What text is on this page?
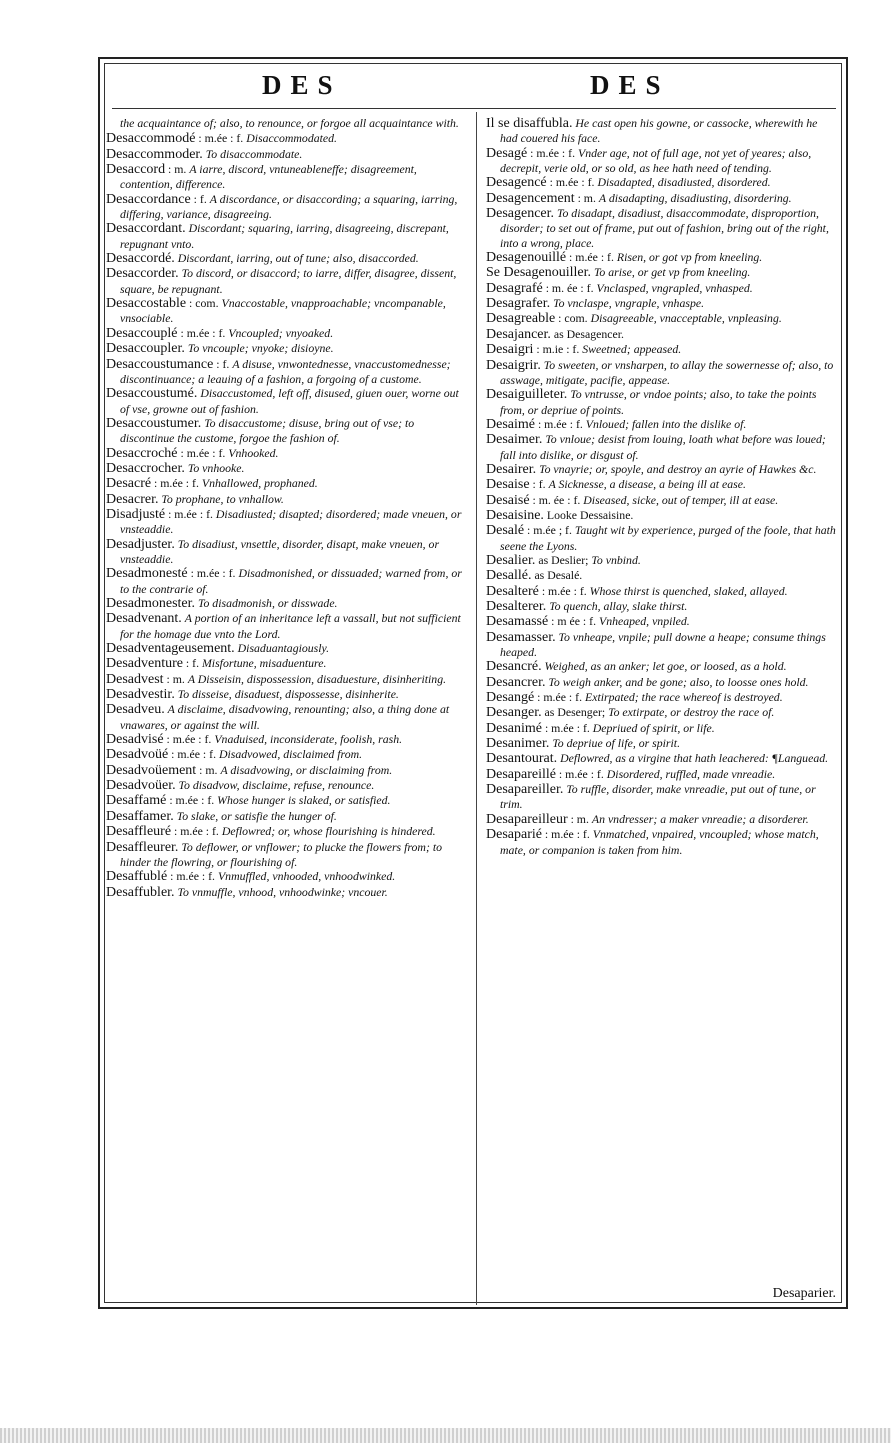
DES	DES

the acquaintance of; also, to renounce, or forgoe all acquaintance with.

Desaccommodé : m.ée : f. Disaccommodated.

Desaccommoder. To disaccommodate.

Desaccord : m. A iarre, discord, vntuneableneffe; disagreement, contention, difference.

Desaccordance : f. A discordance, or disaccording; a squaring, iarring, differing, variance, disagreeing.

Desaccordant. Discordant; squaring, iarring, disagreeing, discrepant, repugnant vnto.

Desaccordé. Discordant, iarring, out of tune; also, disaccorded.

Desaccorder. To discord, or disaccord; to iarre, differ, disagree, dissent, square, be repugnant.

Desaccostable : com. Vnaccostable, vnapproachable; vncompanable, vnsociable.

Desaccouplé : m.ée : f. Vncoupled; vnyoaked.

Desaccoupler. To vncouple; vnyoke; disioyne.

Desaccoustumance : f. A disuse, vnwontednesse, vnaccustomednesse; discontinuance; a leauing of a fashion, a forgoing of a custome.

Desaccoustumé. Disaccustomed, left off, disused, giuen ouer, worne out of vse, growne out of fashion.

Desaccoustumer. To disaccustome; disuse, bring out of vse; to discontinue the custome, forgoe the fashion of.

Desaccroché : m.ée : f. Vnhooked.

Desaccrocher. To vnhooke.

Desacré : m.ée : f. Vnhallowed, prophaned.

Desacrer. To prophane, to vnhallow.

Disadjusté : m.ée : f. Disadiusted; disapted; disordered; made vneuen, or vnsteaddie.

Desadjuster. To disadiust, vnsettle, disorder, disapt, make vneuen, or vnsteaddie.

Desadmonesté : m.ée : f. Disadmonished, or dissuaded; warned from, or to the contrarie of.

Desadmonester. To disadmonish, or disswade.

Desadvenant. A portion of an inheritance left a vassall, but not sufficient for the homage due vnto the Lord.

Desadventageusement. Disaduantagiously.

Desadventure : f. Misfortune, misaduenture.

Desadvest : m. A Disseisin, dispossession, disaduesture, disinheriting.

Desadvestir. To disseise, disaduest, dispossesse, disinherite.

Desadveu. A disclaime, disadvowing, renounting; also, a thing done at vnawares, or against the will.

Desadvisé : m.ée : f. Vnaduised, inconsiderate, foolish, rash.

Desadvoüé : m.ée : f. Disadvowed, disclaimed from.

Desadvoüement : m. A disadvowing, or disclaiming from.

Desadvoüer. To disadvow, disclaime, refuse, renounce.

Desaffamé : m.ée : f. Whose hunger is slaked, or satisfied.

Desaffamer. To slake, or satisfie the hunger of.

Desaffleuré : m.ée : f. Deflowred; or, whose flourishing is hindered.

Desaffleurer. To deflower, or vnflower; to plucke the flowers from; to hinder the flowring, or flourishing of.

Desaffublé : m.ée : f. Vnmuffled, vnhooded, vnhoodwinked.

Desaffubler. To vnmuffle, vnhood, vnhoodwinke; vncouer.

Il se disaffubla. He cast open his gowne, or cassocke, wherewith he had couered his face.

Desagé : m.ée : f. Vnder age, not of full age, not yet of yeares; also, decrepit, verie old, or so old, as hee hath need of tending.

Desagencé : m.ée : f. Disadapted, disadiusted, disordered.

Desagencement : m. A disadapting, disadiusting, disordering.

Desagencer. To disadapt, disadiust, disaccommodate, disproportion, disorder; to set out of frame, put out of fashion, bring out of the right, into a wrong, place.

Desagenouillé : m.ée : f. Risen, or got vp from kneeling.

Se Desagenouiller. To arise, or get vp from kneeling.

Desagrafé : m. ée : f. Vnclasped, vngrapled, vnhasped.

Desagrafer. To vnclaspe, vngraple, vnhaspe.

Desagreable : com. Disagreeable, vnacceptable, vnpleasing.

Desajancer. as Desagencer.

Desaigri : m.ie : f. Sweetned; appeased.

Desaigrir. To sweeten, or vnsharpen, to allay the sowernesse of; also, to asswage, mitigate, pacifie, appease.

Desaiguilleter. To vntrusse, or vndoe points; also, to take the points from, or depriue of points.

Desaimé : m.ée : f. Vnloued; fallen into the dislike of.

Desaimer. To vnloue; desist from louing, loath what before was loued; fall into dislike, or disgust of.

Desairer. To vnayrie; or, spoyle, and destroy an ayrie of Hawkes &c.

Desaise : f. A Sicknesse, a disease, a being ill at ease.

Desaisé : m. ée : f. Diseased, sicke, out of temper, ill at ease.

Desaisine. Looke Dessaisine.

Desalé : m.ée ; f. Taught wit by experience, purged of the foole, that hath seene the Lyons.

Desalier. as Deslier; To vnbind.

Desallé. as Desalé.

Desalteré : m.ée : f. Whose thirst is quenched, slaked, allayed.

Desalterer. To quench, allay, slake thirst.

Desamassé : m ée : f. Vnheaped, vnpiled.

Desamasser. To vnheape, vnpile; pull downe a heape; consume things heaped.

Desancré. Weighed, as an anker; let goe, or loosed, as a hold.

Desancrer. To weigh anker, and be gone; also, to loosse ones hold.

Desangé : m.ée : f. Extirpated; the race whereof is destroyed.

Desanger. as Desenger; To extirpate, or destroy the race of.

Desanimé : m.ée : f. Depriued of spirit, or life.

Desanimer. To depriue of life, or spirit.

Desantourat. Deflowred, as a virgine that hath leachered: ¶Languead.

Desapareillé : m.ée : f. Disordered, ruffled, made vnreadie.

Desapareiller. To ruffle, disorder, make vnreadie, put out of tune, or trim.

Desapareilleur : m. An vndresser; a maker vnreadie; a disorderer.

Desaparié : m.ée : f. Vnmatched, vnpaired, vncoupled; whose match, mate, or companion is taken from him.

Desaparier.
